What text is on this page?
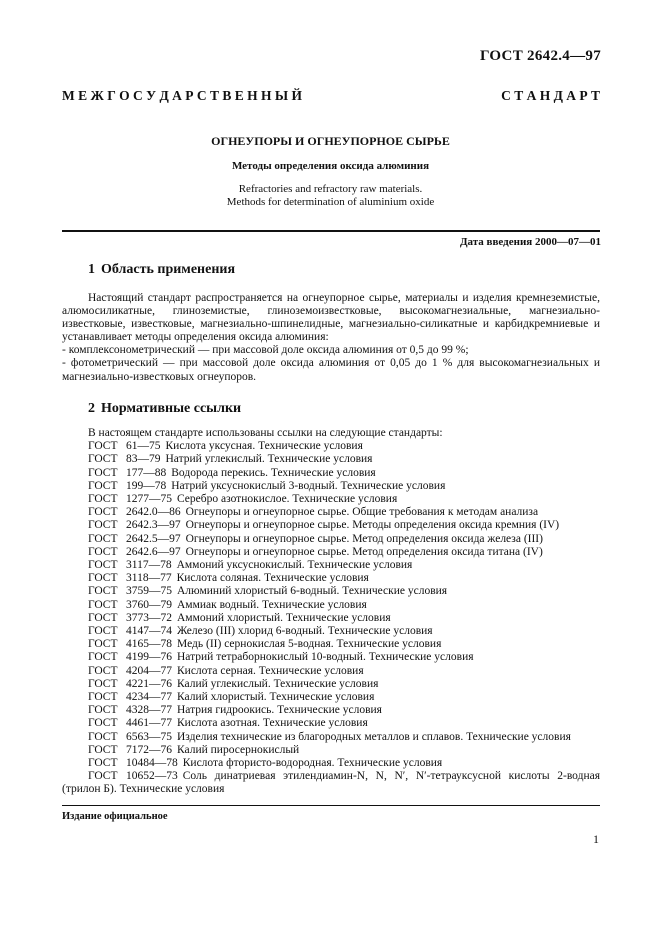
ГОСТ 2642.4—97
М Е Ж Г О С У Д А Р С Т В Е Н Н Ы Й	С Т А Н Д А Р Т
ОГНЕУПОРЫ И ОГНЕУПОРНОЕ СЫРЬЕ
Методы определения оксида алюминия
Refractories and refractory raw materials.
Methods for determination of aluminium oxide
Дата введения 2000—07—01
1 Область применения
Настоящий стандарт распространяется на огнеупорное сырье, материалы и изделия кремнеземистые, алюмосиликатные, глиноземистые, глиноземоизвестковые, высокомагнезиальные, магнезиально-известковые, известковые, магнезиально-шпинелидные, магнезиально-силикатные и карбидкремниевые и устанавливает методы определения оксида алюминия:
- комплексонометрический — при массовой доле оксида алюминия от 0,5 до 99 %;
- фотометрический — при массовой доле оксида алюминия от 0,05 до 1 % для высокомагнезиальных и магнезиально-известковых огнеупоров.
2 Нормативные ссылки
В настоящем стандарте использованы ссылки на следующие стандарты:
ГОСТ 61—75 Кислота уксусная. Технические условия
ГОСТ 83—79 Натрий углекислый. Технические условия
ГОСТ 177—88 Водорода перекись. Технические условия
ГОСТ 199—78 Натрий уксуснокислый 3-водный. Технические условия
ГОСТ 1277—75 Серебро азотнокислое. Технические условия
ГОСТ 2642.0—86 Огнеупоры и огнеупорное сырье. Общие требования к методам анализа
ГОСТ 2642.3—97 Огнеупоры и огнеупорное сырье. Методы определения оксида кремния (IV)
ГОСТ 2642.5—97 Огнеупоры и огнеупорное сырье. Метод определения оксида железа (III)
ГОСТ 2642.6—97 Огнеупоры и огнеупорное сырье. Метод определения оксида титана (IV)
ГОСТ 3117—78 Аммоний уксуснокислый. Технические условия
ГОСТ 3118—77 Кислота соляная. Технические условия
ГОСТ 3759—75 Алюминий хлористый 6-водный. Технические условия
ГОСТ 3760—79 Аммиак водный. Технические условия
ГОСТ 3773—72 Аммоний хлористый. Технические условия
ГОСТ 4147—74 Железо (III) хлорид 6-водный. Технические условия
ГОСТ 4165—78 Медь (II) сернокислая 5-водная. Технические условия
ГОСТ 4199—76 Натрий тетраборнокислый 10-водный. Технические условия
ГОСТ 4204—77 Кислота серная. Технические условия
ГОСТ 4221—76 Калий углекислый. Технические условия
ГОСТ 4234—77 Калий хлористый. Технические условия
ГОСТ 4328—77 Натрия гидроокись. Технические условия
ГОСТ 4461—77 Кислота азотная. Технические условия
ГОСТ 6563—75 Изделия технические из благородных металлов и сплавов. Технические условия
ГОСТ 7172—76 Калий пиросернокислый
ГОСТ 10484—78 Кислота фтористо-водородная. Технические условия
ГОСТ 10652—73 Соль динатриевая этилендиамин-N, N, N′, N′-тетрауксусной кислоты 2-водная (трилон Б). Технические условия
Издание официальное
1
